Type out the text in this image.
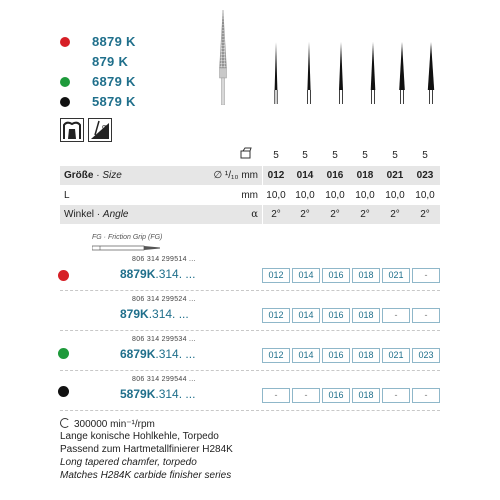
8879 K
879 K
6879 K
5879 K
α
5	5	5	5	5	5
Größe · Size	∅ ¹/₁₀ mm 012	014	016	018	021	023
L	mm 10,0 10,0	10,0	10,0	10,0	10,0
Winkel · Angle	α	2°	2°	2°	2°	2°	2°
FG · Friction Grip (FG)
806 314 299514 ...
8879K.314. ...	012	014	016	018	021	-
806 314 299524 ...
879K.314. ...	012	014	016	018	-	-
806 314 299534 ...
6879K.314. ...	012	014	016	018	021	023
806 314 299544 ...
5879K.314. ...	-	-	016	018	-	-
300000 min⁻¹/rpm
Lange konische Hohlkehle, Torpedo
Passend zum Hartmetallfinierer H284K
Long tapered chamfer, torpedo
Matches H284K carbide finisher series
